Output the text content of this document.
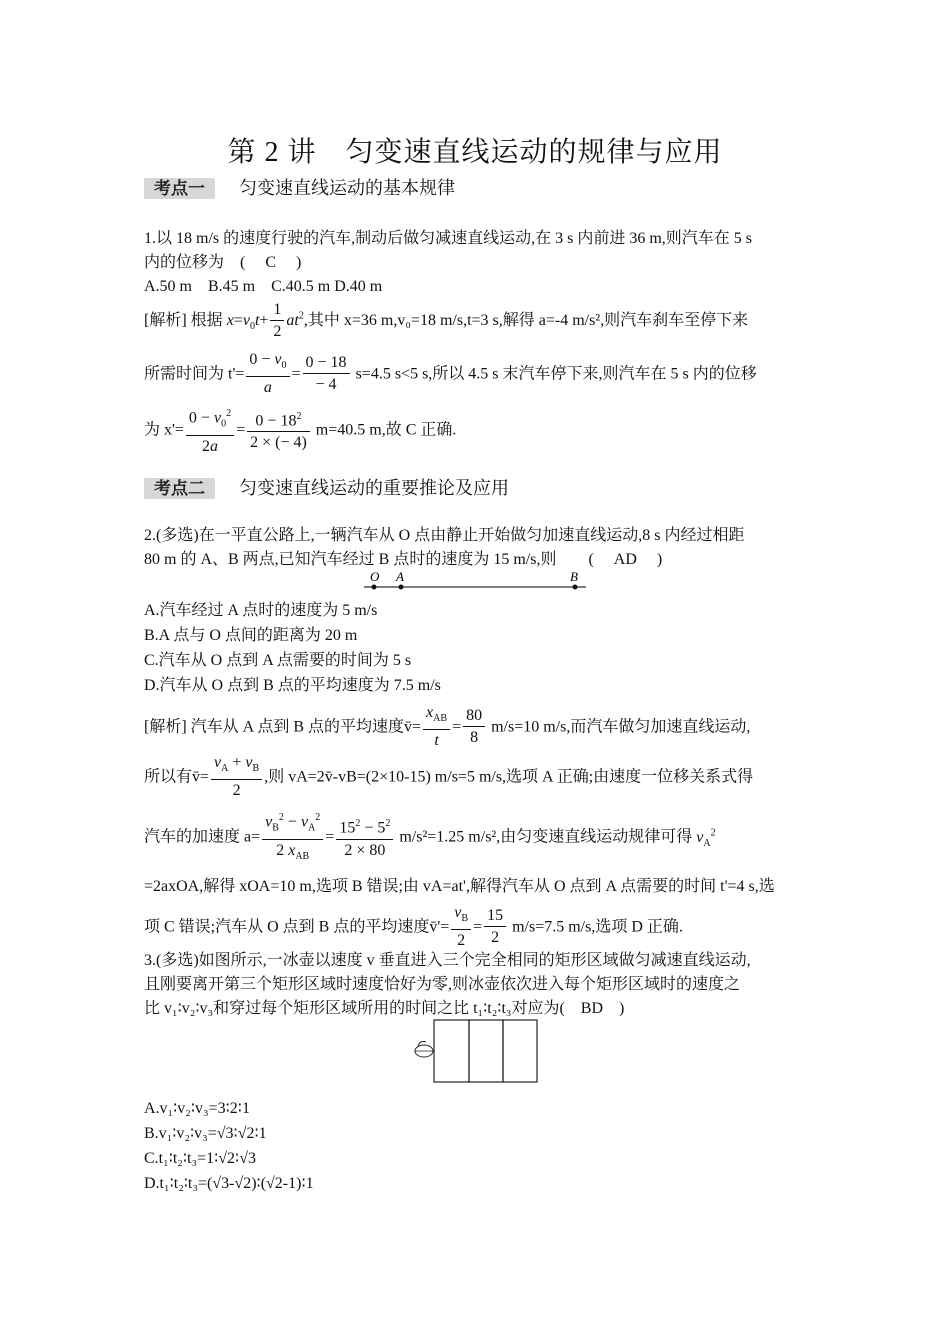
第 2 讲　匀变速直线运动的规律与应用
考点一 匀变速直线运动的基本规律
1.以 18 m/s 的速度行驶的汽车,制动后做匀减速直线运动,在 3 s 内前进 36 m,则汽车在 5 s
内的位移为　(　 C　 )
A.50 m　B.45 m　C.40.5 m D.40 m
[解析] 根据 $x=v_0t+ \frac{1}{2} at^2$,其中 x=36 m,v₀=18 m/s,t=3 s,解得 a=-4 m/s²,则汽车刹车至停下来
所需时间为 $t'= \frac{0 - v_0}{a} = \frac{0 - 18}{- 4} s=4.5$ s<5 s,所以 4.5 s 末汽车停下来,则汽车在 5 s 内的位移
为 $x'= \frac{0 - v_0^2}{2a} = \frac{0 - 18^2}{2 \times (- 4)} m=40.5$ m,故 C 正确.
考点二 匀变速直线运动的重要推论及应用
2.(多选)在一平直公路上,一辆汽车从 O 点由静止开始做匀加速直线运动,8 s 内经过相距
80 m 的 A、B 两点,已知汽车经过 B 点时的速度为 15 m/s,则　　(　 AD　 )
O A	B
A.汽车经过 A 点时的速度为 5 m/s
B.A 点与 O 点间的距离为 20 m
C.汽车从 O 点到 A 点需要的时间为 5 s
D.汽车从 O 点到 B 点的平均速度为 7.5 m/s
[解析] 汽车从 A 点到 B 点的平均速度v̄= $\frac{x_{AB}}{t} = \frac{80}{8} m/s=10$ m/s,而汽车做匀加速直线运动,
所以有v̄= $\frac{v_A + v_B}{2}$ ,则 vA=2v̄-vB=(2×10-15) m/s=5 m/s,选项 A 正确;由速度一位移关系式得
汽车的加速度 $a= \frac{v_B^2 - v_A^2}{2 x_{AB}} = \frac{15^2 - 5^2}{2 \times 80} m/s^2=1.25$ m/s²,由匀变速直线运动规律可得 $v_A^2$
=2axOA,解得 xOA=10 m,选项 B 错误;由 vA=at',解得汽车从 O 点到 A 点需要的时间 t'=4 s,选
项 C 错误;汽车从 O 点到 B 点的平均速度v̄'= $\frac{v_B}{2} = \frac{15}{2} m/s=7.5$ m/s,选项 D 正确.
3.(多选)如图所示,一冰壶以速度 v 垂直进入三个完全相同的矩形区域做匀减速直线运动,
且刚要离开第三个矩形区域时速度恰好为零,则冰壶依次进入每个矩形区域时的速度之
比 v₁∶v₂∶v₃和穿过每个矩形区域所用的时间之比 t₁∶t₂∶t₃对应为(　BD　)
A.v₁∶v₂∶v₃=3∶2∶1
B.v₁∶v₂∶v₃=√3∶√2∶1
C.t₁∶t₂∶t₃=1∶√2∶√3
D.t₁∶t₂∶t₃=(√3-√2)∶(√2-1)∶1
